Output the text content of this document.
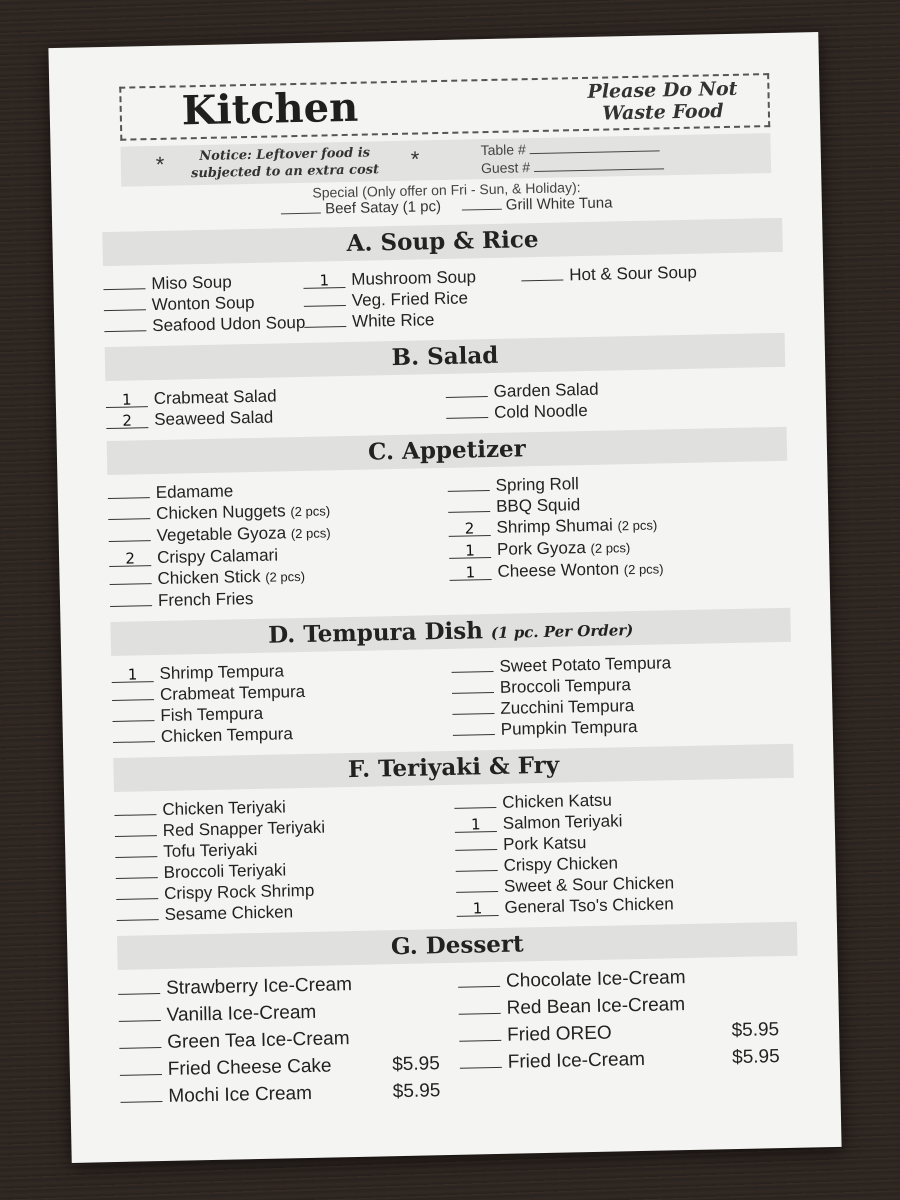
Kitchen	Please Do Not
Waste Food
*	Notice: Leftover food is
subjected to an extra cost
*	Table #
Guest #
Special (Only offer on Fri - Sun, & Holiday):
Beef Satay (1 pc)	Grill White Tuna
A. Soup & Rice
Miso Soup
Wonton Soup
Seafood Udon Soup
1 Mushroom Soup
Veg. Fried Rice
White Rice
Hot & Sour Soup
B. Salad
1 Crabmeat Salad
2 Seaweed Salad
Garden Salad
Cold Noodle
C. Appetizer
Edamame
Chicken Nuggets (2 pcs)
Vegetable Gyoza (2 pcs)
2 Crispy Calamari
Chicken Stick (2 pcs)
French Fries
Spring Roll
BBQ Squid
2 Shrimp Shumai (2 pcs)
1 Pork Gyoza (2 pcs)
1 Cheese Wonton (2 pcs)
D. Tempura Dish (1 pc. Per Order)
1 Shrimp Tempura
Crabmeat Tempura
Fish Tempura
Chicken Tempura
Sweet Potato Tempura
Broccoli Tempura
Zucchini Tempura
Pumpkin Tempura
F. Teriyaki & Fry
Chicken Teriyaki
Red Snapper Teriyaki
Tofu Teriyaki
Broccoli Teriyaki
Crispy Rock Shrimp
Sesame Chicken
Chicken Katsu
1 Salmon Teriyaki
Pork Katsu
Crispy Chicken
Sweet & Sour Chicken
1 General Tso's Chicken
G. Dessert
Strawberry Ice-Cream
Vanilla Ice-Cream
Green Tea Ice-Cream
Fried Cheese Cake	$5.95
Mochi Ice Cream	$5.95
Chocolate Ice-Cream
Red Bean Ice-Cream
Fried OREO	$5.95
Fried Ice-Cream	$5.95
